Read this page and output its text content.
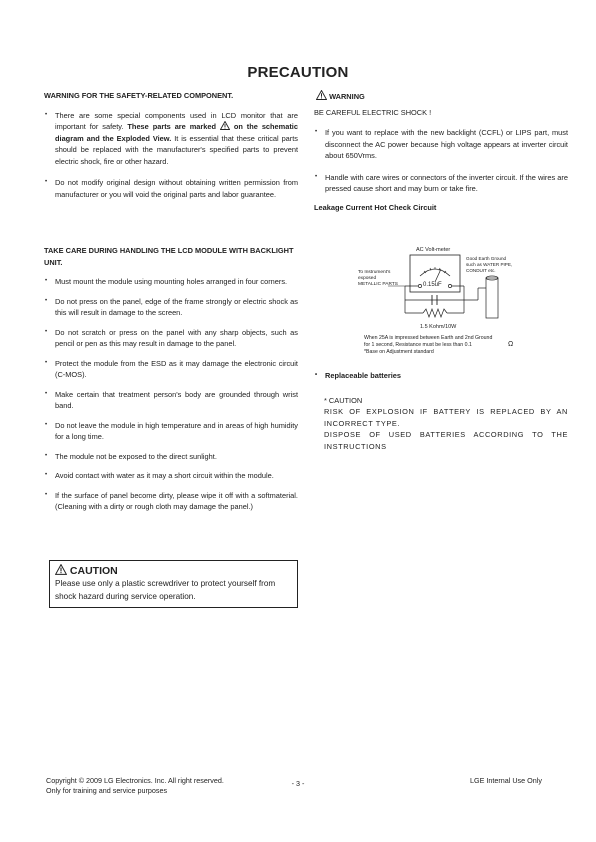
PRECAUTION

WARNING FOR THE SAFETY-RELATED COMPONENT.

• There are some special components used in LCD monitor that are important for safety. These parts are marked  on the schematic diagram and the Exploded View. It is essential that these critical parts should be replaced with the manufacturer's specified parts to prevent electric shock, fire or other hazard.
• Do not modify original design without obtaining written permission from manufacturer or you will void the original parts and labor guarantee.

TAKE CARE DURING HANDLING THE LCD MODULE WITH BACKLIGHT UNIT.

• Must mount the module using mounting holes arranged in four corners.
• Do not press on the panel, edge of the frame strongly or electric shock as this will result in damage to the screen.
• Do not scratch or press on the panel with any sharp objects, such as pencil or pen as this may result in damage to the panel.
• Protect the module from the ESD as it may damage the electronic circuit (C-MOS).
• Make certain that treatment person's body are grounded through wrist band.
• Do not leave the module in high temperature and in areas of high humidity for a long time.
• The module not be exposed to the direct sunlight.
• Avoid contact with water as it may a short circuit within the module.
• If the surface of panel become dirty, please wipe it off with a softmaterial. (Cleaning with a dirty or rough cloth may damage the panel.)
CAUTION
Please use only a plastic screwdriver to protect yourself from shock hazard during service operation.
WARNING
BE CAREFUL ELECTRIC SHOCK !
• If you want to replace with the new backlight (CCFL) or LIPS part, must disconnect the AC power because high voltage appears at inverter circuit about 650Vrms.
• Handle with care wires or connectors of the inverter circuit. If the wires are pressed cause short and may burn or take fire.

Leakage Current Hot Check Circuit

AC Volt-meter
0.15uF
1.5 Kohm/10W
To Instrument's exposed METALLIC PARTS
Good Earth Ground such as WATER PIPE, CONDUIT etc.
When 25A is impressed between Earth and 2nd Ground for 1 second, Resistance must be less than 0.1 *Base on Adjustment standard
Ω
• Replaceable batteries
* CAUTION
RISK OF EXPLOSION IF BATTERY IS REPLACED BY AN INCORRECT TYPE.
DISPOSE OF USED BATTERIES ACCORDING TO THE INSTRUCTIONS
Copyright © 2009 LG Electronics. Inc. All right reserved.
Only for training and service purposes
- 3 -	LGE Internal Use Only
